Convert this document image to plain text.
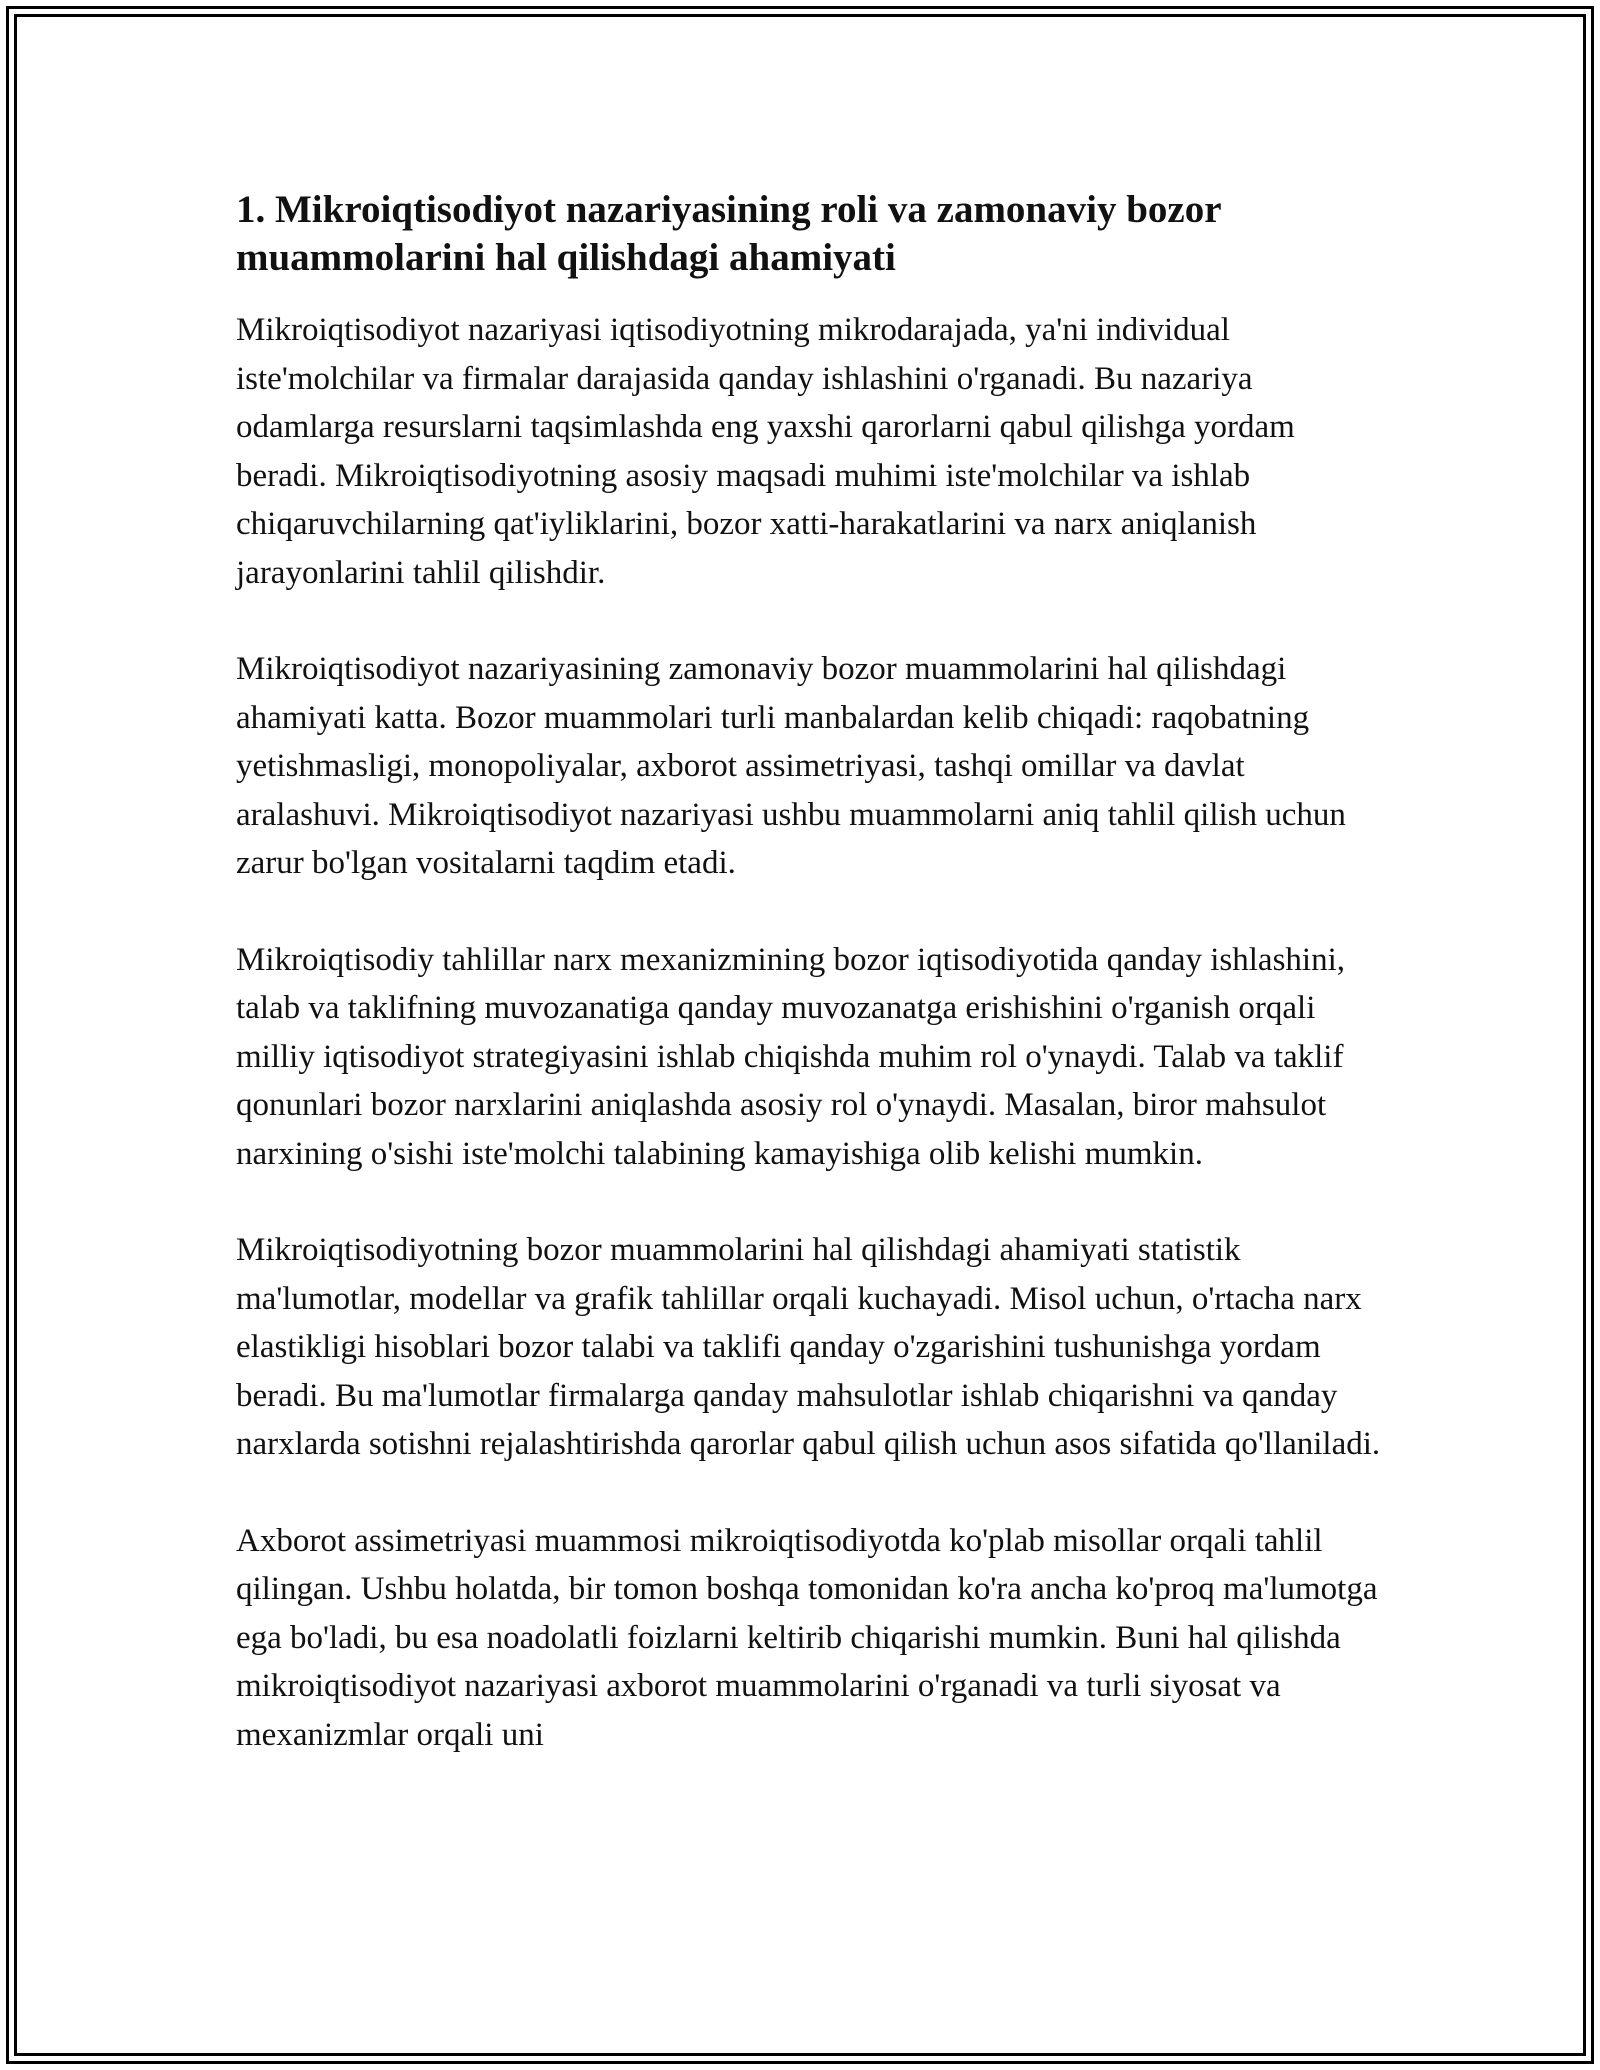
1. Mikroiqtisodiyot nazariyasining roli va zamonaviy bozor muammolarini hal qilishdagi ahamiyati

Mikroiqtisodiyot nazariyasi iqtisodiyotning mikrodarajada, ya'ni individual iste'molchilar va firmalar darajasida qanday ishlashini o'rganadi. Bu nazariya odamlarga resurslarni taqsimlashda eng yaxshi qarorlarni qabul qilishga yordam beradi. Mikroiqtisodiyotning asosiy maqsadi muhimi iste'molchilar va ishlab chiqaruvchilarning qat'iyliklarini, bozor xatti-harakatlarini va narx aniqlanish jarayonlarini tahlil qilishdir.

Mikroiqtisodiyot nazariyasining zamonaviy bozor muammolarini hal qilishdagi ahamiyati katta. Bozor muammolari turli manbalardan kelib chiqadi: raqobatning yetishmasligi, monopoliyalar, axborot assimetriyasi, tashqi omillar va davlat aralashuvi. Mikroiqtisodiyot nazariyasi ushbu muammolarni aniq tahlil qilish uchun zarur bo'lgan vositalarni taqdim etadi.

Mikroiqtisodiy tahlillar narx mexanizmining bozor iqtisodiyotida qanday ishlashini, talab va taklifning muvozanatiga qanday muvozanatga erishishini o'rganish orqali milliy iqtisodiyot strategiyasini ishlab chiqishda muhim rol o'ynaydi. Talab va taklif qonunlari bozor narxlarini aniqlashda asosiy rol o'ynaydi. Masalan, biror mahsulot narxining o'sishi iste'molchi talabining kamayishiga olib kelishi mumkin.

Mikroiqtisodiyotning bozor muammolarini hal qilishdagi ahamiyati statistik ma'lumotlar, modellar va grafik tahlillar orqali kuchayadi. Misol uchun, o'rtacha narx elastikligi hisoblari bozor talabi va taklifi qanday o'zgarishini tushunishga yordam beradi. Bu ma'lumotlar firmalarga qanday mahsulotlar ishlab chiqarishni va qanday narxlarda sotishni rejalashtirishda qarorlar qabul qilish uchun asos sifatida qo'llaniladi.

Axborot assimetriyasi muammosi mikroiqtisodiyotda ko'plab misollar orqali tahlil qilingan. Ushbu holatda, bir tomon boshqa tomonidan ko'ra ancha ko'proq ma'lumotga ega bo'ladi, bu esa noadolatli foizlarni keltirib chiqarishi mumkin. Buni hal qilishda mikroiqtisodiyot nazariyasi axborot muammolarini o'rganadi va turli siyosat va mexanizmlar orqali uni
